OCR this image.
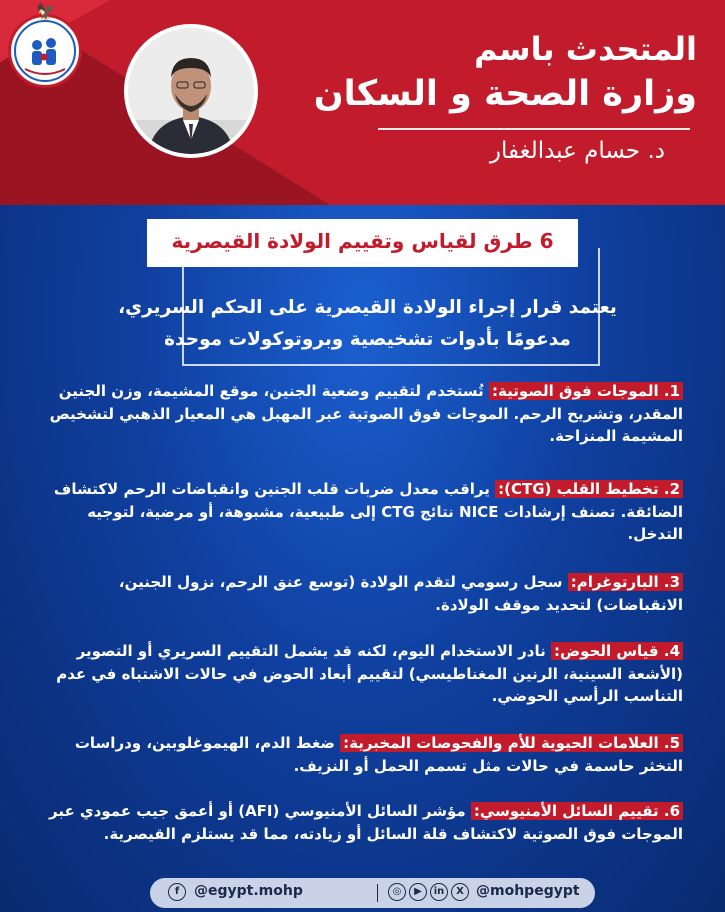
🦅
المتحدث باسم
وزارة الصحة و السكان
د. حسام عبدالغفار
6 طرق لقياس وتقييم الولادة القيصرية
يعتمد قرار إجراء الولادة القيصرية على الحكم السريري،
مدعومًا بأدوات تشخيصية وبروتوكولات موحدة
1. الموجات فوق الصوتية: تُستخدم لتقييم وضعية الجنين، موقع المشيمة، وزن الجنين المقدر، وتشريح الرحم. الموجات فوق الصوتية عبر المهبل هي المعيار الذهبي لتشخيص المشيمة المنزاحة.
2. تخطيط القلب (CTG): يراقب معدل ضربات قلب الجنين وانقباضات الرحم لاكتشاف الضائقة. تصنف إرشادات NICE نتائج CTG إلى طبيعية، مشبوهة، أو مرضية، لتوجيه التدخل.
3. البارتوغرام: سجل رسومي لتقدم الولادة (توسع عنق الرحم، نزول الجنين، الانقباضات) لتحديد موقف الولادة.
4. قياس الحوض: نادر الاستخدام اليوم، لكنه قد يشمل التقييم السريري أو التصوير (الأشعة السينية، الرنين المغناطيسي) لتقييم أبعاد الحوض في حالات الاشتباه في عدم التناسب الرأسي الحوضي.
5. العلامات الحيوية للأم والفحوصات المخبرية: ضغط الدم، الهيموغلوبين، ودراسات التخثر حاسمة في حالات مثل تسمم الحمل أو النزيف.
6. تقييم السائل الأمنيوسي: مؤشر السائل الأمنيوسي (AFI) أو أعمق جيب عمودي عبر الموجات فوق الصوتية لاكتشاف قلة السائل أو زيادته، مما قد يستلزم القيصرية.
f	@egypt.mohp	◎	▶	in	X @mohpegypt
